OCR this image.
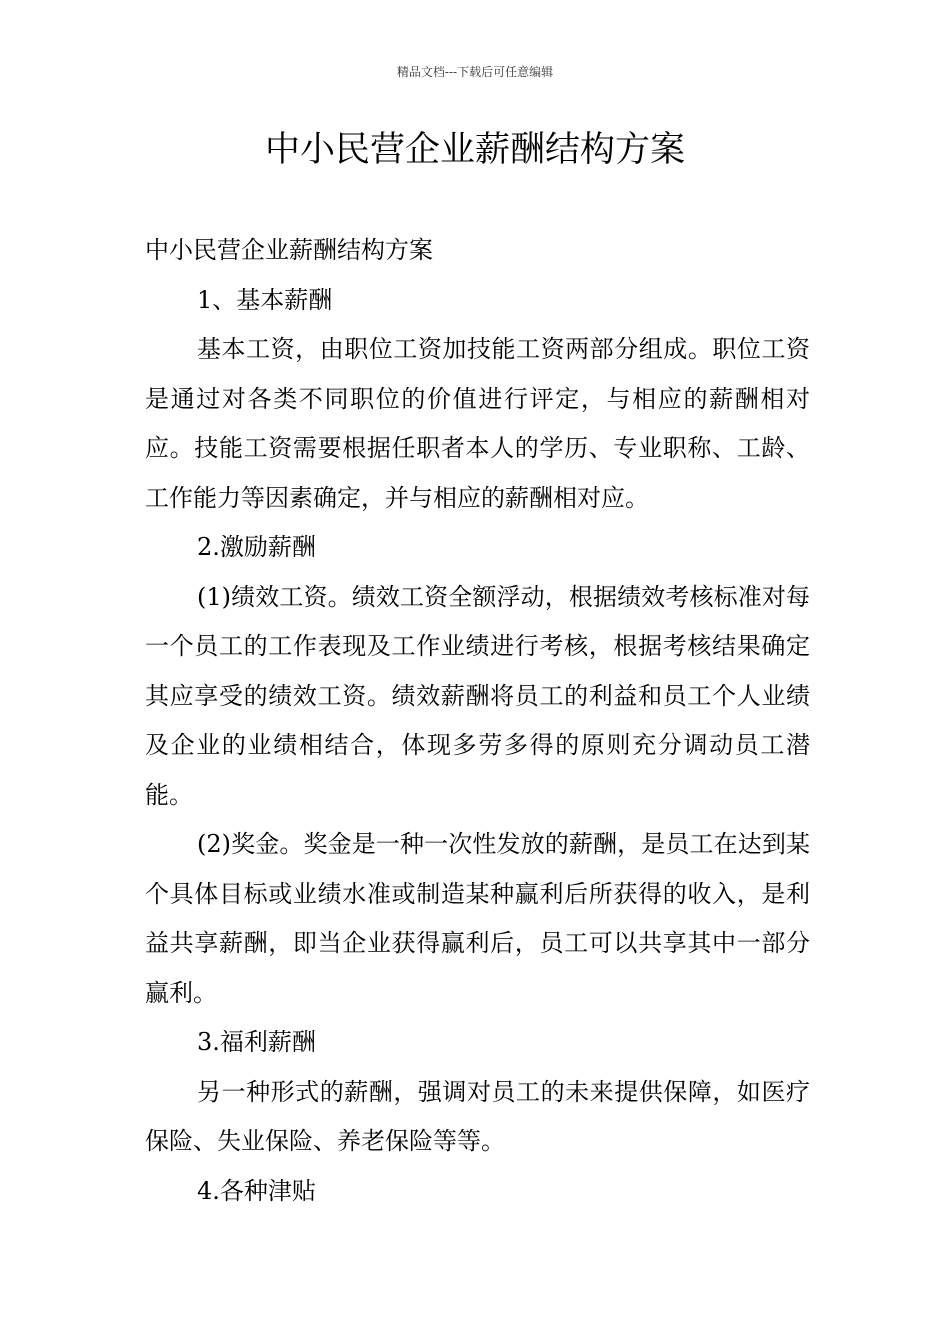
精品文档---下载后可任意编辑
中小民营企业薪酬结构方案

中小民营企业薪酬结构方案

1、基本薪酬

基本工资，由职位工资加技能工资两部分组成。职位工资是通过对各类不同职位的价值进行评定，与相应的薪酬相对应。技能工资需要根据任职者本人的学历、专业职称、工龄、工作能力等因素确定，并与相应的薪酬相对应。

2.激励薪酬

(1)绩效工资。绩效工资全额浮动，根据绩效考核标准对每一个员工的工作表现及工作业绩进行考核，根据考核结果确定其应享受的绩效工资。绩效薪酬将员工的利益和员工个人业绩及企业的业绩相结合，体现多劳多得的原则充分调动员工潜能。

(2)奖金。奖金是一种一次性发放的薪酬，是员工在达到某个具体目标或业绩水准或制造某种赢利后所获得的收入，是利益共享薪酬，即当企业获得赢利后，员工可以共享其中一部分赢利。

3.福利薪酬

另一种形式的薪酬，强调对员工的未来提供保障，如医疗保险、失业保险、养老保险等等。

4.各种津贴
